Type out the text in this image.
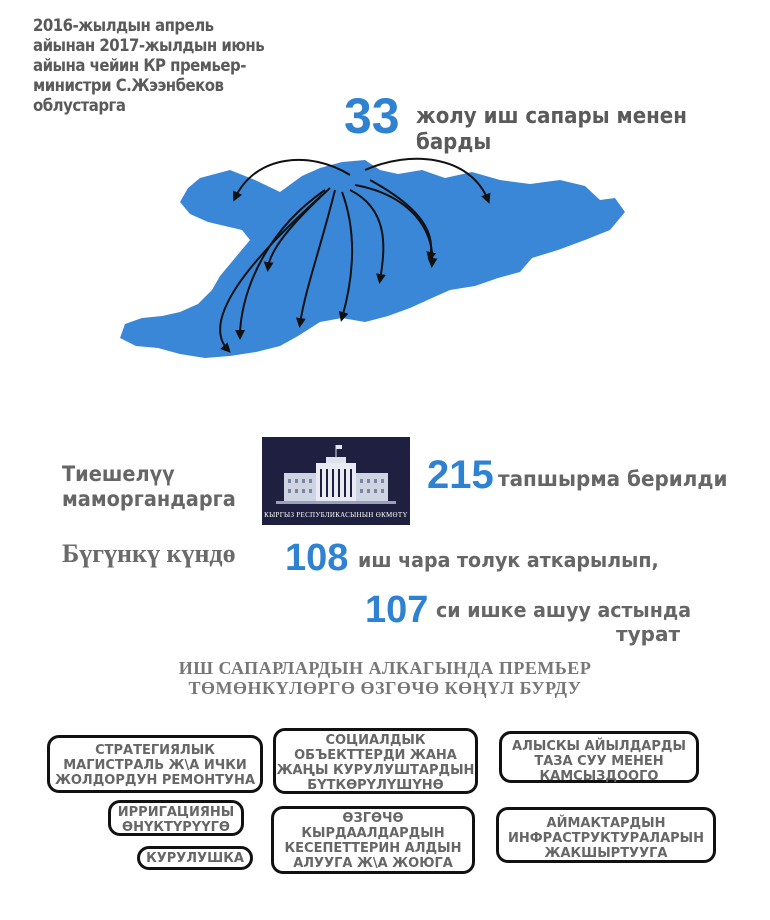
2016-жылдын апрель
айынан 2017-жылдын июнь
айына чейин КР премьер-
министри С.Жээнбеков
облустарга	33 жолу иш сапары менен барды
Тиешелүү
маморгандарга
КЫРГЫЗ РЕСПУБЛИКАСЫНЫН ӨКМӨТҮ
215 тапшырма берилди
Бүгүнкү күндө 108 иш чара толук аткарылып,
107 си ишке ашуу астында
турат
ИШ САПАРЛАРДЫН АЛКАГЫНДА ПРЕМЬЕР
ТӨМӨНКҮЛӨРГӨ ӨЗГӨЧӨ КӨҢҮЛ БУРДУ
СТРАТЕГИЯЛЫК МАГИСТРАЛЬ Ж\А ИЧКИ ЖОЛДОРДУН РЕМОНТУНА
СОЦИАЛДЫК ОБЪЕКТТЕРДИ ЖАНА ЖАҢЫ КУРУЛУШТАРДЫН БҮТКӨРҮЛҮШҮНӨ
АЛЫСКЫ АЙЫЛДАРДЫ ТАЗА СУУ МЕНЕН КАМСЫЗДООГО
ИРРИГАЦИЯНЫ ӨНҮКТҮРҮҮГӨ
КУРУЛУШКА
ӨЗГӨЧӨ КЫРДААЛДАРДЫН КЕСЕПЕТТЕРИН АЛДЫН АЛУУГА Ж\А ЖОЮГА
АЙМАКТАРДЫН ИНФРАСТРУКТУРАЛАРЫН ЖАКШЫРТУУГА
